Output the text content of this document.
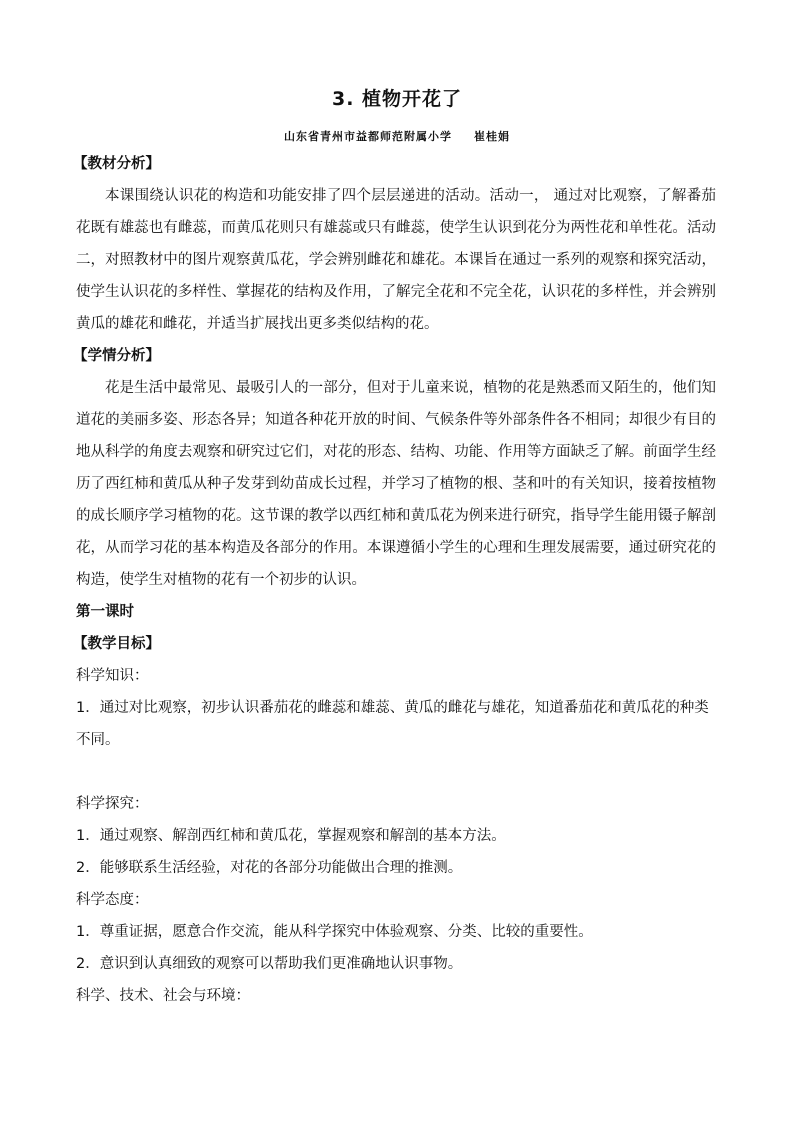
3. 植物开花了
山东省青州市益都师范附属小学 崔桂娟
【教材分析】

本课围绕认识花的构造和功能安排了四个层层递进的活动。活动一， 通过对比观察，了解番茄花既有雄蕊也有雌蕊，而黄瓜花则只有雄蕊或只有雌蕊，使学生认识到花分为两性花和单性花。活动二，对照教材中的图片观察黄瓜花，学会辨别雌花和雄花。本课旨在通过一系列的观察和探究活动，使学生认识花的多样性、掌握花的结构及作用，了解完全花和不完全花，认识花的多样性，并会辨别黄瓜的雄花和雌花，并适当扩展找出更多类似结构的花。

【学情分析】

花是生活中最常见、最吸引人的一部分，但对于儿童来说，植物的花是熟悉而又陌生的，他们知道花的美丽多姿、形态各异；知道各种花开放的时间、气候条件等外部条件各不相同；却很少有目的地从科学的角度去观察和研究过它们，对花的形态、结构、功能、作用等方面缺乏了解。前面学生经历了西红柿和黄瓜从种子发芽到幼苗成长过程，并学习了植物的根、茎和叶的有关知识，接着按植物的成长顺序学习植物的花。这节课的教学以西红柿和黄瓜花为例来进行研究，指导学生能用镊子解剖花，从而学习花的基本构造及各部分的作用。本课遵循小学生的心理和生理发展需要，通过研究花的构造，使学生对植物的花有一个初步的认识。

第一课时
【教学目标】

科学知识：

1．通过对比观察，初步认识番茄花的雌蕊和雄蕊、黄瓜的雌花与雄花，知道番茄花和黄瓜花的种类不同。

科学探究：

1．通过观察、解剖西红柿和黄瓜花，掌握观察和解剖的基本方法。

2．能够联系生活经验，对花的各部分功能做出合理的推测。

科学态度：

1．尊重证据，愿意合作交流，能从科学探究中体验观察、分类、比较的重要性。

2．意识到认真细致的观察可以帮助我们更准确地认识事物。

科学、技术、社会与环境：
